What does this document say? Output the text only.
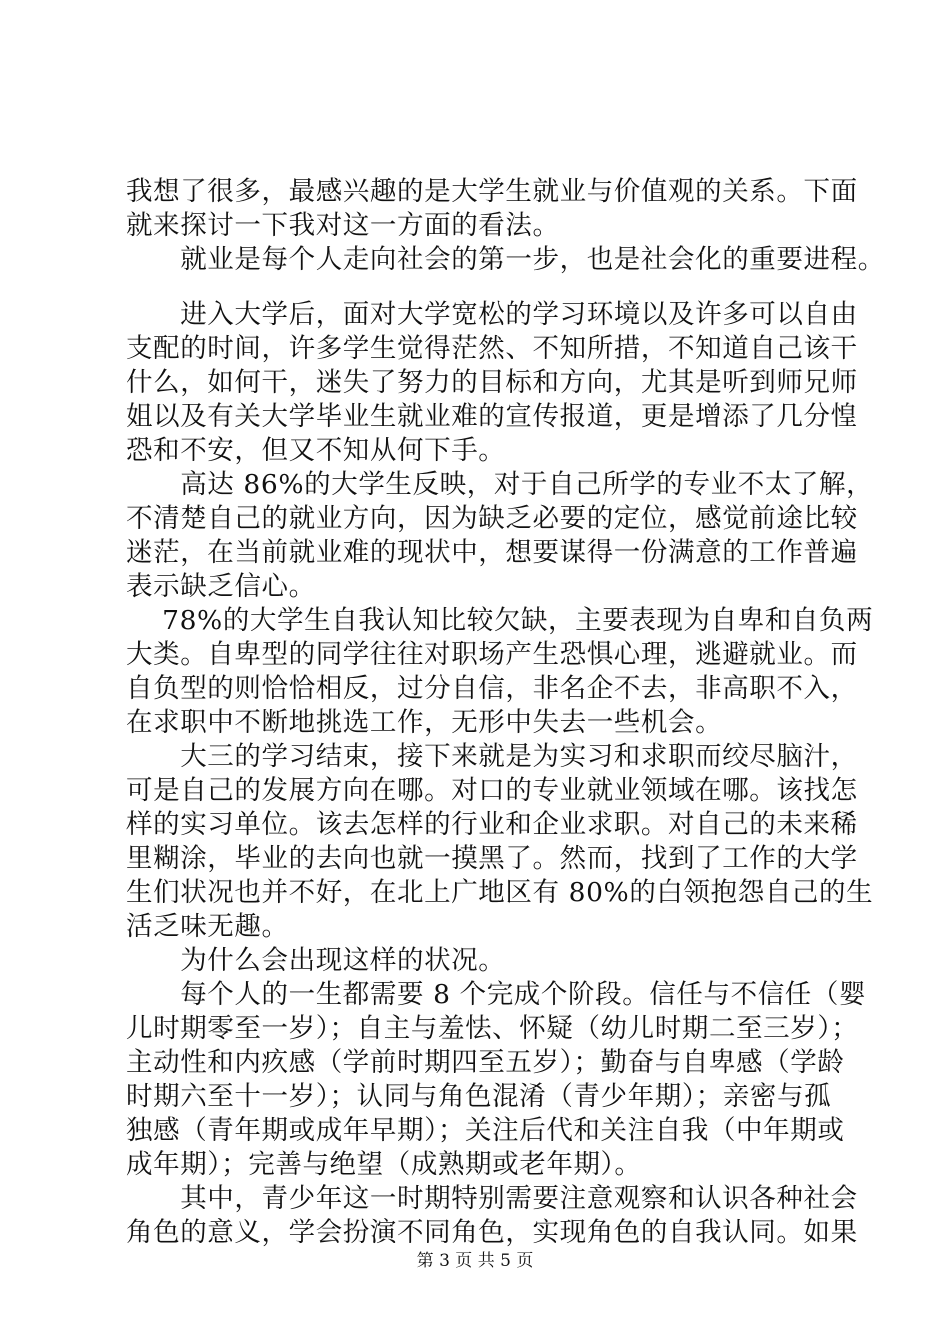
我想了很多，最感兴趣的是大学生就业与价值观的关系。下面

就来探讨一下我对这一方面的看法。

　　就业是每个人走向社会的第一步，也是社会化的重要进程。

　　进入大学后，面对大学宽松的学习环境以及许多可以自由

支配的时间，许多学生觉得茫然、不知所措，不知道自己该干

什么，如何干，迷失了努力的目标和方向，尤其是听到师兄师

姐以及有关大学毕业生就业难的宣传报道，更是增添了几分惶

恐和不安，但又不知从何下手。

　　高达 86%的大学生反映，对于自己所学的专业不太了解，

不清楚自己的就业方向，因为缺乏必要的定位，感觉前途比较

迷茫，在当前就业难的现状中，想要谋得一份满意的工作普遍

表示缺乏信心。

　 78%的大学生自我认知比较欠缺，主要表现为自卑和自负两

大类。自卑型的同学往往对职场产生恐惧心理，逃避就业。而

自负型的则恰恰相反，过分自信，非名企不去，非高职不入，

在求职中不断地挑选工作，无形中失去一些机会。

　　大三的学习结束，接下来就是为实习和求职而绞尽脑汁，

可是自己的发展方向在哪。对口的专业就业领域在哪。该找怎

样的实习单位。该去怎样的行业和企业求职。对自己的未来稀

里糊涂，毕业的去向也就一摸黑了。然而，找到了工作的大学

生们状况也并不好，在北上广地区有 80%的白领抱怨自己的生

活乏味无趣。

　　为什么会出现这样的状况。

　　每个人的一生都需要 8 个完成个阶段。信任与不信任（婴

儿时期零至一岁）；自主与羞怯、怀疑（幼儿时期二至三岁）；

主动性和内疚感（学前时期四至五岁）；勤奋与自卑感（学龄

时期六至十一岁）；认同与角色混淆（青少年期）；亲密与孤

独感（青年期或成年早期）；关注后代和关注自我（中年期或

成年期）；完善与绝望（成熟期或老年期）。

　　其中，青少年这一时期特别需要注意观察和认识各种社会

角色的意义，学会扮演不同角色，实现角色的自我认同。如果

第 3 页 共 5 页
